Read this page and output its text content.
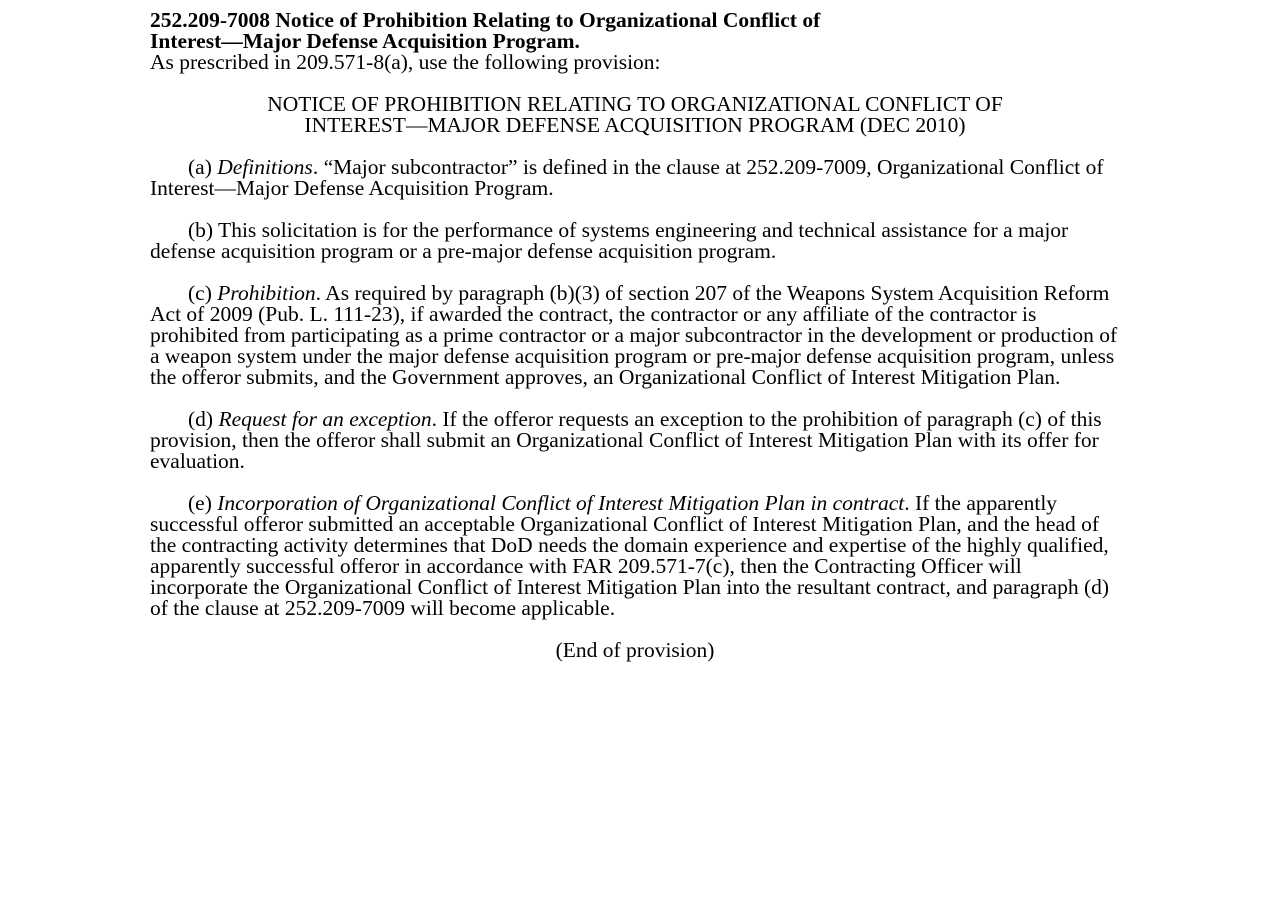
252.209-7008 Notice of Prohibition Relating to Organizational Conflict of
Interest—Major Defense Acquisition Program.

As prescribed in 209.571-8(a), use the following provision:

NOTICE OF PROHIBITION RELATING TO ORGANIZATIONAL CONFLICT OF
INTEREST—MAJOR DEFENSE ACQUISITION PROGRAM (DEC 2010)

(a) Definitions. “Major subcontractor” is defined in the clause at 252.209-7009, Organizational Conflict of Interest—Major Defense Acquisition Program.

(b) This solicitation is for the performance of systems engineering and technical assistance for a major defense acquisition program or a pre-major defense acquisition program.

(c) Prohibition. As required by paragraph (b)(3) of section 207 of the Weapons System Acquisition Reform Act of 2009 (Pub. L. 111-23), if awarded the contract, the contractor or any affiliate of the contractor is prohibited from participating as a prime contractor or a major subcontractor in the development or production of a weapon system under the major defense acquisition program or pre-major defense acquisition program, unless the offeror submits, and the Government approves, an Organizational Conflict of Interest Mitigation Plan.

(d) Request for an exception. If the offeror requests an exception to the prohibition of paragraph (c) of this provision, then the offeror shall submit an Organizational Conflict of Interest Mitigation Plan with its offer for evaluation.

(e) Incorporation of Organizational Conflict of Interest Mitigation Plan in contract. If the apparently successful offeror submitted an acceptable Organizational Conflict of Interest Mitigation Plan, and the head of the contracting activity determines that DoD needs the domain experience and expertise of the highly qualified, apparently successful offeror in accordance with FAR 209.571-7(c), then the Contracting Officer will incorporate the Organizational Conflict of Interest Mitigation Plan into the resultant contract, and paragraph (d) of the clause at 252.209-7009 will become applicable.

(End of provision)
